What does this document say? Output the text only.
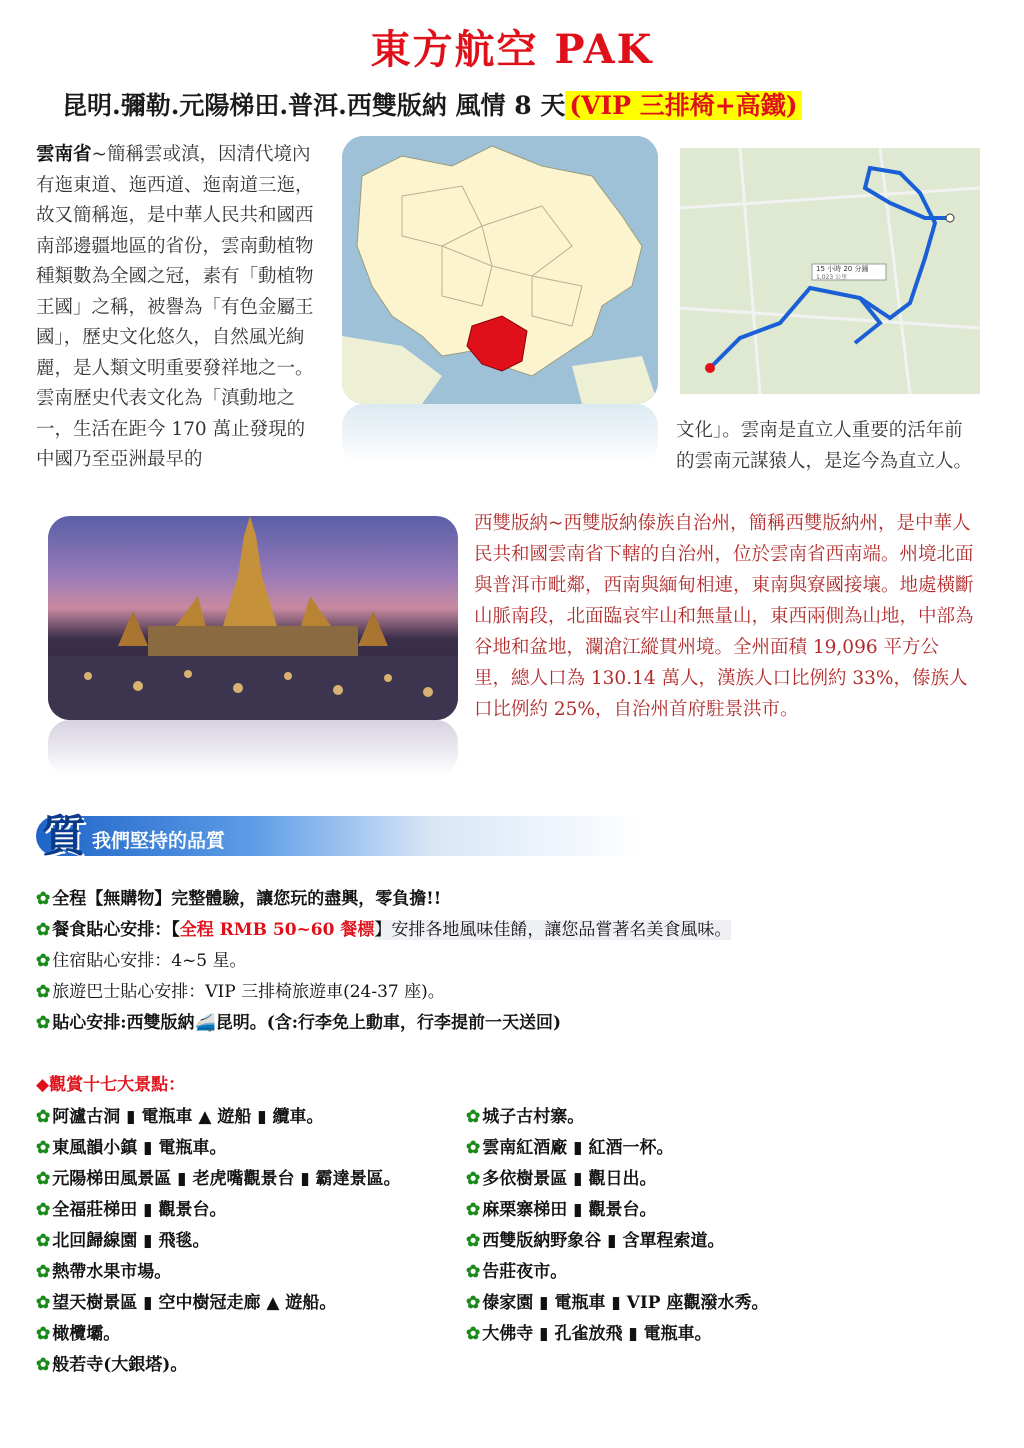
東方航空 PAK
昆明.彌勒.元陽梯田.普洱.西雙版納 風情 8 天 (VIP 三排椅+高鐵)
雲南省~簡稱雲或滇，因清代境內有迤東道、迤西道、迤南道三迤，故又簡稱迤，是中華人民共和國西南部邊疆地區的省份，雲南動植物種類數為全國之冠，素有「動植物王國」之稱，被譽為「有色金屬王國」，歷史文化悠久，自然風光絢麗，是人類文明重要發祥地之一。雲南歷史代表文化為「滇動地之一，生活在距今 170 萬止發現的中國乃至亞洲最早的
文化」。雲南是直立人重要的活年前的雲南元謀猿人，是迄今為直立人。
15 小時 20 分鐘
1,023 公里
西雙版納~西雙版納傣族自治州，簡稱西雙版納州，是中華人民共和國雲南省下轄的自治州，位於雲南省西南端。州境北面與普洱市毗鄰，西南與緬甸相連，東南與寮國接壤。地處橫斷山脈南段，北面臨哀牢山和無量山，東西兩側為山地，中部為谷地和盆地，瀾滄江縱貫州境。全州面積 19,096 平方公里，總人口為 130.14 萬人，漢族人口比例約 33%，傣族人口比例約 25%，自治州首府駐景洪市。
質 我們堅持的品質
✿ 全程【無購物】完整體驗，讓您玩的盡興，零負擔!!
✿ 餐食貼心安排：【全程 RMB 50~60 餐標】安排各地風味佳餚，讓您品嘗著名美食風味。
✿ 住宿貼心安排：4~5 星。
✿ 旅遊巴士貼心安排：VIP 三排椅旅遊車(24-37 座)。
✿ 貼心安排:西雙版納🚄昆明。(含:行李免上動車，行李提前一天送回)
◆觀賞十七大景點：
✿ 阿瀘古洞 ▮ 電瓶車 ▲ 遊船 ▮ 纜車。
✿ 東風韻小鎮 ▮ 電瓶車。
✿ 元陽梯田風景區 ▮ 老虎嘴觀景台 ▮ 霸達景區。
✿ 全福莊梯田 ▮ 觀景台。
✿ 北回歸線園 ▮ 飛毯。
✿ 熱帶水果市場。
✿ 望天樹景區 ▮ 空中樹冠走廊 ▲ 遊船。
✿ 橄欖壩。
✿ 般若寺(大銀塔)。
✿ 城子古村寨。
✿ 雲南紅酒廠 ▮ 紅酒一杯。
✿ 多依樹景區 ▮ 觀日出。
✿ 麻栗寨梯田 ▮ 觀景台。
✿ 西雙版納野象谷 ▮ 含單程索道。
✿ 告莊夜市。
✿ 傣家園 ▮ 電瓶車 ▮ VIP 座觀潑水秀。
✿ 大佛寺 ▮ 孔雀放飛 ▮ 電瓶車。
